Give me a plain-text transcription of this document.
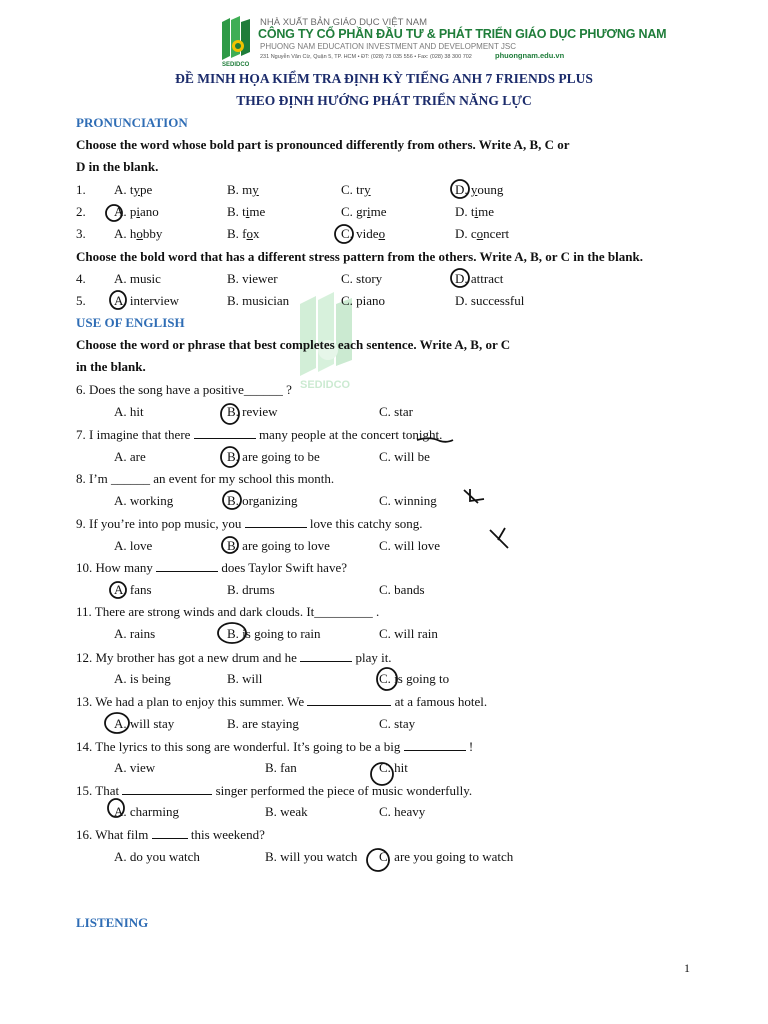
SEDIDCO
NHÀ XUẤT BẢN GIÁO DỤC VIỆT NAM
CÔNG TY CỔ PHẦN ĐẦU TƯ & PHÁT TRIỂN GIÁO DỤC PHƯƠNG NAM
PHUONG NAM EDUCATION INVESTMENT AND DEVELOPMENT JSC
231 Nguyễn Văn Cừ, Quận 5, TP. HCM • ĐT: (028) 73 035 556 • Fax: (028) 38 300 702	phuongnam.edu.vn
ĐỀ MINH HỌA KIỂM TRA ĐỊNH KỲ TIẾNG ANH 7 FRIENDS PLUS
THEO ĐỊNH HƯỚNG PHÁT TRIỂN NĂNG LỰC
SEDIDCO
PRONUNCIATION
Choose the word whose bold part is pronounced differently from others. Write A, B, C or
D in the blank.
1. A. type	B. my	C. try	D. young
2. A. piano	B. time	C. grime	D. time
3. A. hobby	B. fox	C. video	D. concert
Choose the bold word that has a different stress pattern from the others. Write A, B, or C in the blank.
4. A. music	B. viewer	C. story	D. attract
5. A. interview	B. musician	C. piano	D. successful
USE OF ENGLISH
Choose the word or phrase that best completes each sentence. Write A, B, or C
in the blank.
6. Does the song have a positive______ ?
A. hit	B. review	C. star
7. I imagine that there	many people at the concert tonight.
A. are	B. are going to be	C. will be
8. I’m ______ an event for my school this month.
A. working	B. organizing	C. winning
9. If you’re into pop music, you	love this catchy song.
A. love	B. are going to love	C. will love
10. How many	does Taylor Swift have?
A. fans	B. drums	C. bands
11. There are strong winds and dark clouds. It_________ .
A. rains	B. is going to rain	C. will rain
12. My brother has got a new drum and he	play it.
A. is being	B. will	C. is going to
13. We had a plan to enjoy this summer. We	at a famous hotel.
A. will stay	B. are staying	C. stay
14. The lyrics to this song are wonderful. It’s going to be a big	!
A. view	B. fan	C. hit
15. That	singer performed the piece of music wonderfully.
A. charming	B. weak	C. heavy
16. What film	this weekend?
A. do you watch	B. will you watch C. are you going to watch
LISTENING
1
